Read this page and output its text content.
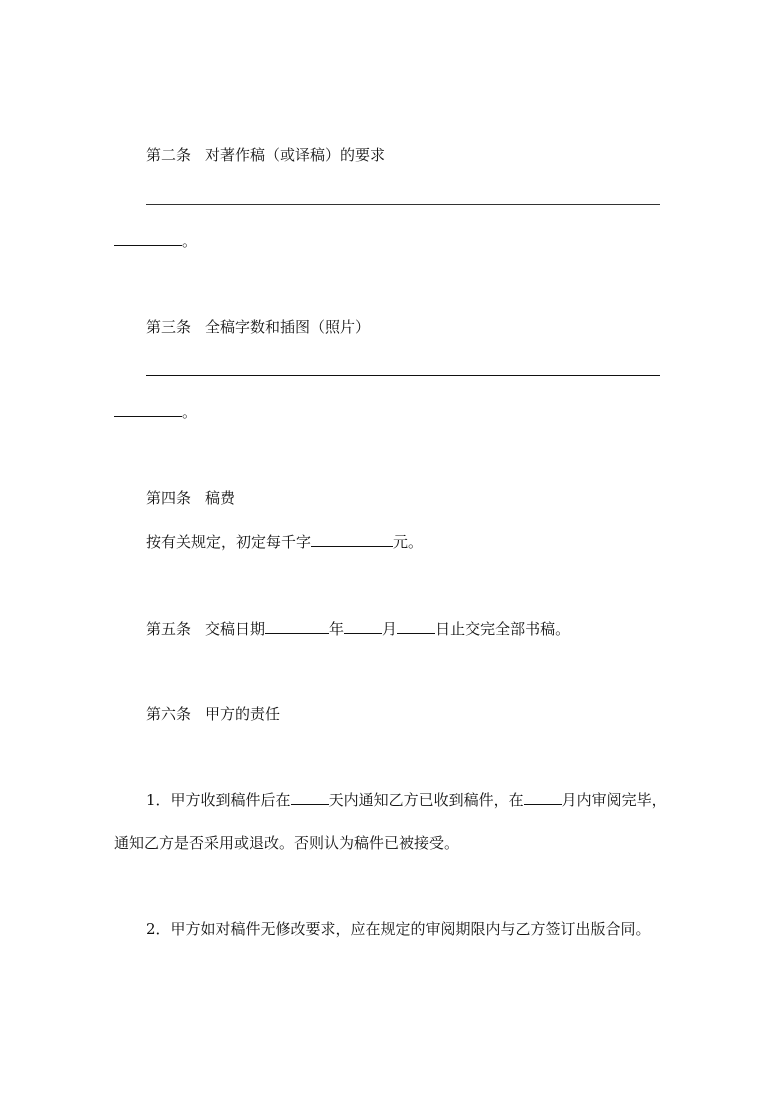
第二条 对著作稿（或译稿）的要求
。
第三条 全稿字数和插图（照片）
。
第四条 稿费
按有关规定，初定每千字	元。
第五条 交稿日期	年	月	日止交完全部书稿。
第六条 甲方的责任
1．甲方收到稿件后在	天内通知乙方已收到稿件，在	月内审阅完毕，
通知乙方是否采用或退改。否则认为稿件已被接受。
2．甲方如对稿件无修改要求，应在规定的审阅期限内与乙方签订出版合同。
